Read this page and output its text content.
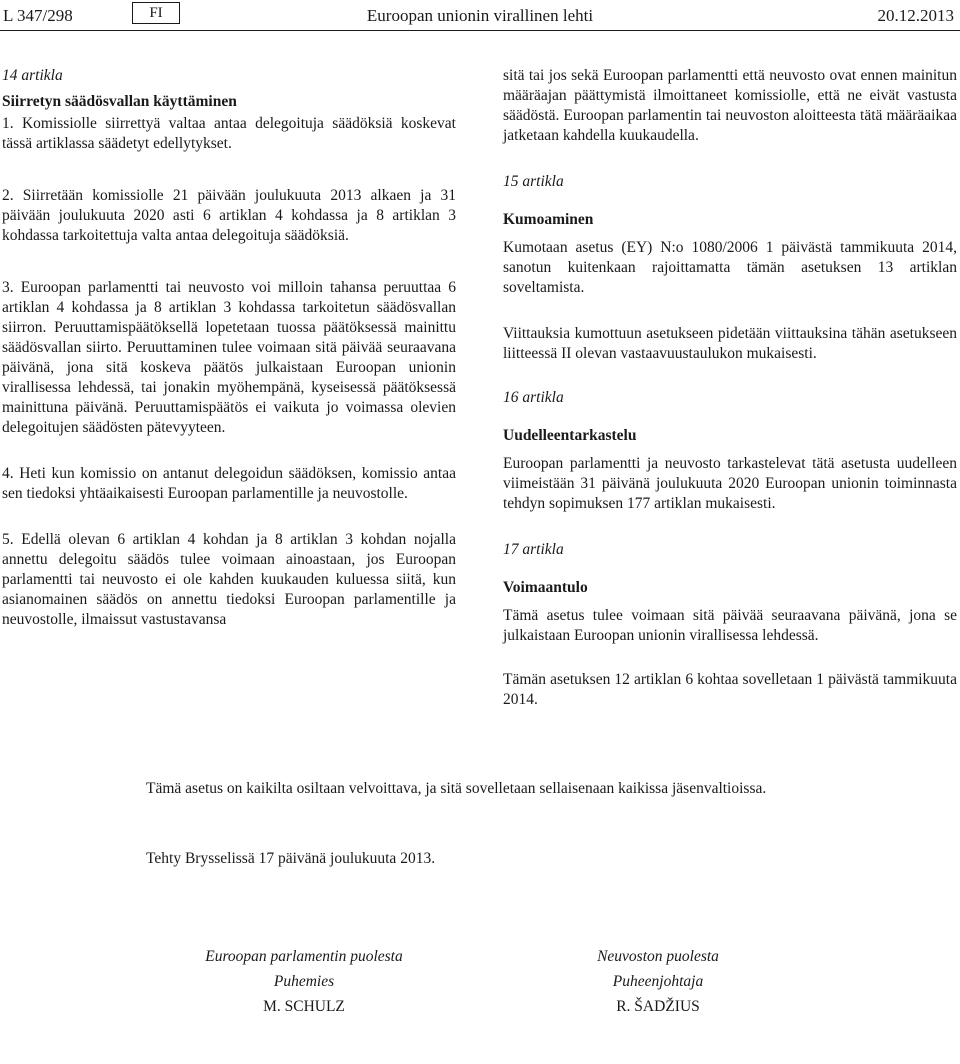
L 347/298	FI	Euroopan unionin virallinen lehti	20.12.2013

14 artikla

Siirretyn säädösvallan käyttäminen

1. Komissiolle siirrettyä valtaa antaa delegoituja säädöksiä koskevat tässä artiklassa säädetyt edellytykset.

2. Siirretään komissiolle 21 päivään joulukuuta 2013 alkaen ja 31 päivään joulukuuta 2020 asti 6 artiklan 4 kohdassa ja 8 artiklan 3 kohdassa tarkoitettuja valta antaa delegoituja säädöksiä.

3. Euroopan parlamentti tai neuvosto voi milloin tahansa peruuttaa 6 artiklan 4 kohdassa ja 8 artiklan 3 kohdassa tarkoitetun säädösvallan siirron. Peruuttamispäätöksellä lopetetaan tuossa päätöksessä mainittu säädösvallan siirto. Peruuttaminen tulee voimaan sitä päivää seuraavana päivänä, jona sitä koskeva päätös julkaistaan Euroopan unionin virallisessa lehdessä, tai jonakin myöhempänä, kyseisessä päätöksessä mainittuna päivänä. Peruuttamispäätös ei vaikuta jo voimassa olevien delegoitujen säädösten pätevyyteen.

4. Heti kun komissio on antanut delegoidun säädöksen, komissio antaa sen tiedoksi yhtäaikaisesti Euroopan parlamentille ja neuvostolle.

5. Edellä olevan 6 artiklan 4 kohdan ja 8 artiklan 3 kohdan nojalla annettu delegoitu säädös tulee voimaan ainoastaan, jos Euroopan parlamentti tai neuvosto ei ole kahden kuukauden kuluessa siitä, kun asianomainen säädös on annettu tiedoksi Euroopan parlamentille ja neuvostolle, ilmaissut vastustavansa

sitä tai jos sekä Euroopan parlamentti että neuvosto ovat ennen mainitun määräajan päättymistä ilmoittaneet komissiolle, että ne eivät vastusta säädöstä. Euroopan parlamentin tai neuvoston aloitteesta tätä määräaikaa jatketaan kahdella kuukaudella.

15 artikla

Kumoaminen

Kumotaan asetus (EY) N:o 1080/2006 1 päivästä tammikuuta 2014, sanotun kuitenkaan rajoittamatta tämän asetuksen 13 artiklan soveltamista.

Viittauksia kumottuun asetukseen pidetään viittauksina tähän asetukseen liitteessä II olevan vastaavuustaulukon mukaisesti.

16 artikla

Uudelleentarkastelu

Euroopan parlamentti ja neuvosto tarkastelevat tätä asetusta uudelleen viimeistään 31 päivänä joulukuuta 2020 Euroopan unionin toiminnasta tehdyn sopimuksen 177 artiklan mukaisesti.

17 artikla

Voimaantulo

Tämä asetus tulee voimaan sitä päivää seuraavana päivänä, jona se julkaistaan Euroopan unionin virallisessa lehdessä.

Tämän asetuksen 12 artiklan 6 kohtaa sovelletaan 1 päivästä tammikuuta 2014.

Tämä asetus on kaikilta osiltaan velvoittava, ja sitä sovelletaan sellaisenaan kaikissa jäsenvaltioissa.

Tehty Brysselissä 17 päivänä joulukuuta 2013.

Euroopan parlamentin puolesta
Puhemies
M. SCHULZ
Neuvoston puolesta
Puheenjohtaja
R. ŠADŽIUS
